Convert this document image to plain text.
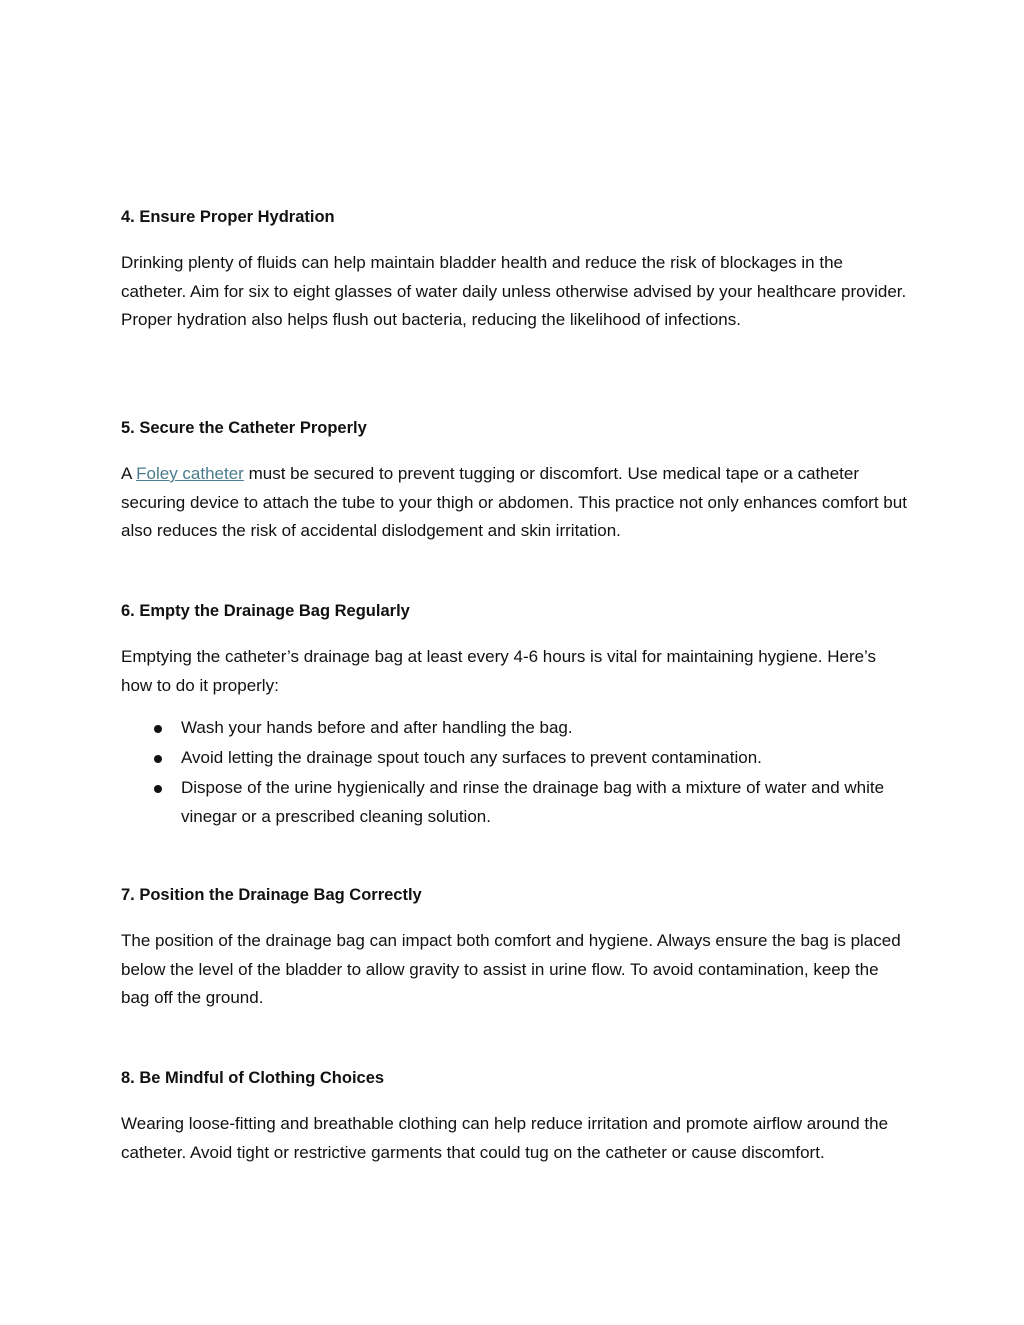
4. Ensure Proper Hydration

Drinking plenty of fluids can help maintain bladder health and reduce the risk of blockages in the catheter. Aim for six to eight glasses of water daily unless otherwise advised by your healthcare provider. Proper hydration also helps flush out bacteria, reducing the likelihood of infections.

5. Secure the Catheter Properly

A Foley catheter must be secured to prevent tugging or discomfort. Use medical tape or a catheter securing device to attach the tube to your thigh or abdomen. This practice not only enhances comfort but also reduces the risk of accidental dislodgement and skin irritation.

6. Empty the Drainage Bag Regularly

Emptying the catheter’s drainage bag at least every 4-6 hours is vital for maintaining hygiene. Here’s how to do it properly:

Wash your hands before and after handling the bag.
Avoid letting the drainage spout touch any surfaces to prevent contamination.
Dispose of the urine hygienically and rinse the drainage bag with a mixture of water and white vinegar or a prescribed cleaning solution.
7. Position the Drainage Bag Correctly

The position of the drainage bag can impact both comfort and hygiene. Always ensure the bag is placed below the level of the bladder to allow gravity to assist in urine flow. To avoid contamination, keep the bag off the ground.

8. Be Mindful of Clothing Choices

Wearing loose-fitting and breathable clothing can help reduce irritation and promote airflow around the catheter. Avoid tight or restrictive garments that could tug on the catheter or cause discomfort.
